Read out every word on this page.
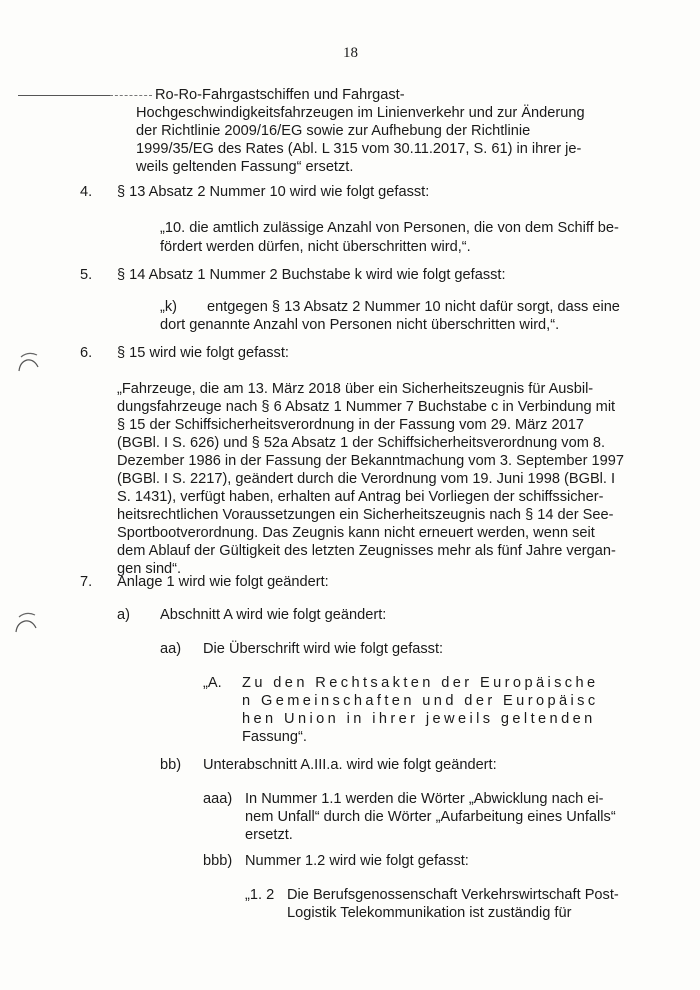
18
Ro-Ro-Fahrgastschiffen und Fahrgast-
Hochgeschwindigkeitsfahrzeugen im Linienverkehr und zur Änderung
der Richtlinie 2009/16/EG sowie zur Aufhebung der Richtlinie
1999/35/EG des Rates (Abl. L 315 vom 30.11.2017, S. 61) in ihrer je-
weils geltenden Fassung“ ersetzt.
4. § 13 Absatz 2 Nummer 10 wird wie folgt gefasst:
„10. die amtlich zulässige Anzahl von Personen, die von dem Schiff be-
fördert werden dürfen, nicht überschritten wird,“.
5. § 14 Absatz 1 Nummer 2 Buchstabe k wird wie folgt gefasst:
„k) entgegen § 13 Absatz 2 Nummer 10 nicht dafür sorgt, dass eine
dort genannte Anzahl von Personen nicht überschritten wird,“.
6. § 15 wird wie folgt gefasst:
„Fahrzeuge, die am 13. März 2018 über ein Sicherheitszeugnis für Ausbil-
dungsfahrzeuge nach § 6 Absatz 1 Nummer 7 Buchstabe c in Verbindung mit
§ 15 der Schiffsicherheitsverordnung in der Fassung vom 29. März 2017
(BGBl. I S. 626) und § 52a Absatz 1 der Schiffsicherheitsverordnung vom 8.
Dezember 1986 in der Fassung der Bekanntmachung vom 3. September 1997
(BGBl. I S. 2217), geändert durch die Verordnung vom 19. Juni 1998 (BGBl. I
S. 1431), verfügt haben, erhalten auf Antrag bei Vorliegen der schiffssicher-
heitsrechtlichen Voraussetzungen ein Sicherheitszeugnis nach § 14 der See-
Sportbootverordnung. Das Zeugnis kann nicht erneuert werden, wenn seit
dem Ablauf der Gültigkeit des letzten Zeugnisses mehr als fünf Jahre vergan-
gen sind“.
7. Anlage 1 wird wie folgt geändert:
a) Abschnitt A wird wie folgt geändert:
aa) Die Überschrift wird wie folgt gefasst:
„A. Zu den Rechtsakten der Europäische
n Gemeinschaften und der Europäisc
hen Union in ihrer jeweils geltenden
Fassung“.
bb) Unterabschnitt A.III.a. wird wie folgt geändert:
aaa) In Nummer 1.1 werden die Wörter „Abwicklung nach ei-
nem Unfall“ durch die Wörter „Aufarbeitung eines Unfalls“
ersetzt.
bbb) Nummer 1.2 wird wie folgt gefasst:
„1. 2 Die Berufsgenossenschaft Verkehrswirtschaft Post-
Logistik Telekommunikation ist zuständig für
